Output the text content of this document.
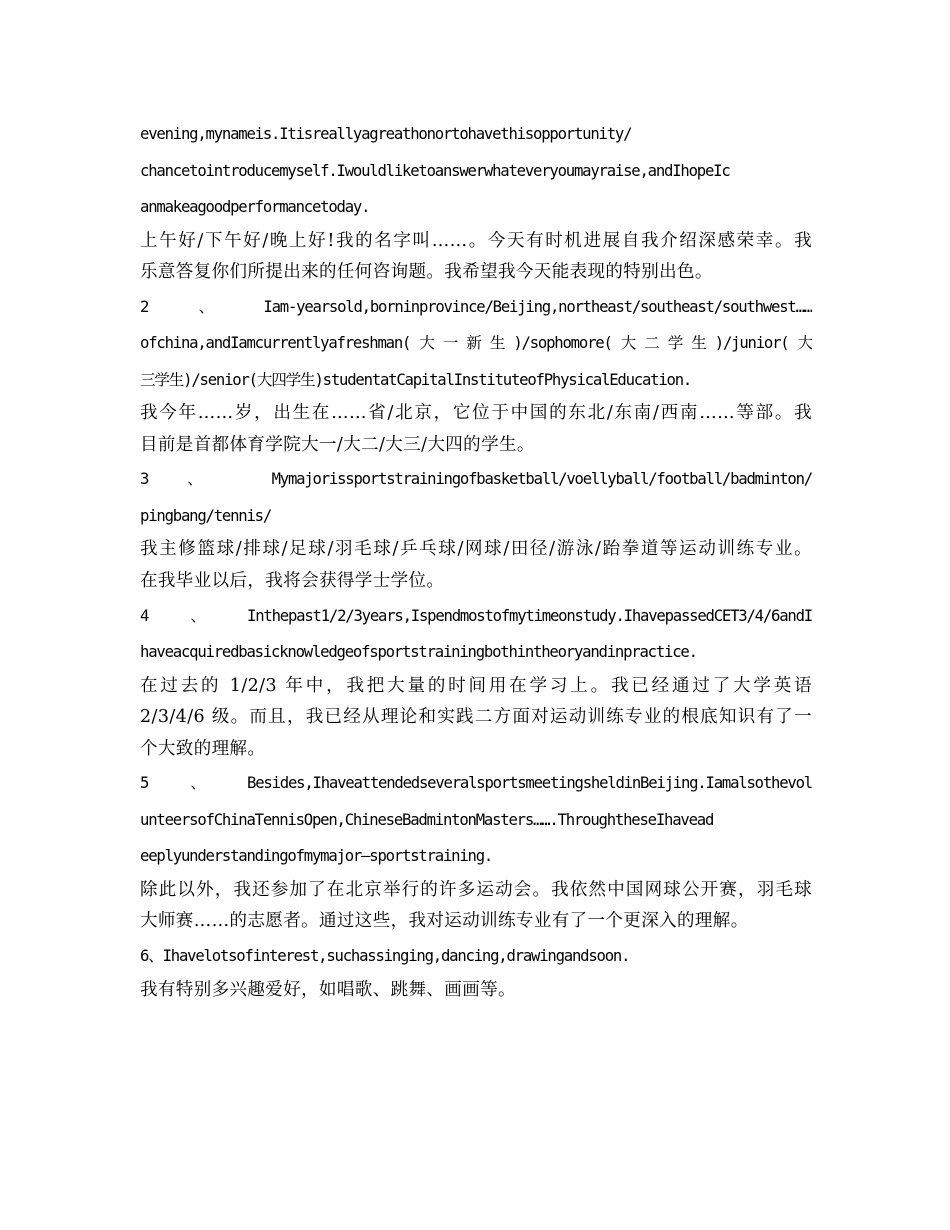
evening,mynameis.Itisreallyagreathonortohavethisopportunity/

chancetointroducemyself.Iwouldliketoanswerwhateveryoumayraise,andIhopeIc

anmakeagoodperformancetoday.

上午好/下午好/晚上好!我的名字叫……。今天有时机进展自我介绍深感荣幸。我

乐意答复你们所提出来的任何咨询题。我希望我今天能表现的特别出色。

2、Iam-yearsold,borninprovince/Beijing,northeast/southeast/southwest……

ofchina,andIamcurrentlyafreshman(大一新生)/sophomore(大二学生)/junior(大

三学生)/senior(大四学生)studentatCapitalInstituteofPhysicalEducation.

我今年……岁，出生在……省/北京，它位于中国的东北/东南/西南……等部。我

目前是首都体育学院大一/大二/大三/大四的学生。

3 、 Mymajorissportstrainingofbasketball/voellyball/football/badminton/

pingbang/tennis/

我主修篮球/排球/足球/羽毛球/乒乓球/网球/田径/游泳/跆拳道等运动训练专业。

在我毕业以后，我将会获得学士学位。

4、Inthepast1/2/3years,Ispendmostofmytimeonstudy.IhavepassedCET3/4/6andI

haveacquiredbasicknowledgeofsportstrainingbothintheoryandinpractice.

在过去的 1/2/3 年中，我把大量的时间用在学习上。我已经通过了大学英语

2/3/4/6 级。而且，我已经从理论和实践二方面对运动训练专业的根底知识有了一

个大致的理解。

5、Besides,IhaveattendedseveralsportsmeetingsheldinBeijing.Iamalsothevol

unteersofChinaTennisOpen,ChineseBadmintonMasters…….ThroughtheseIhavead

eeplyunderstandingofmymajor—sportstraining.

除此以外，我还参加了在北京举行的许多运动会。我依然中国网球公开赛，羽毛球

大师赛……的志愿者。通过这些，我对运动训练专业有了一个更深入的理解。

6、Ihavelotsofinterest,suchassinging,dancing,drawingandsoon.

我有特别多兴趣爱好，如唱歌、跳舞、画画等。
